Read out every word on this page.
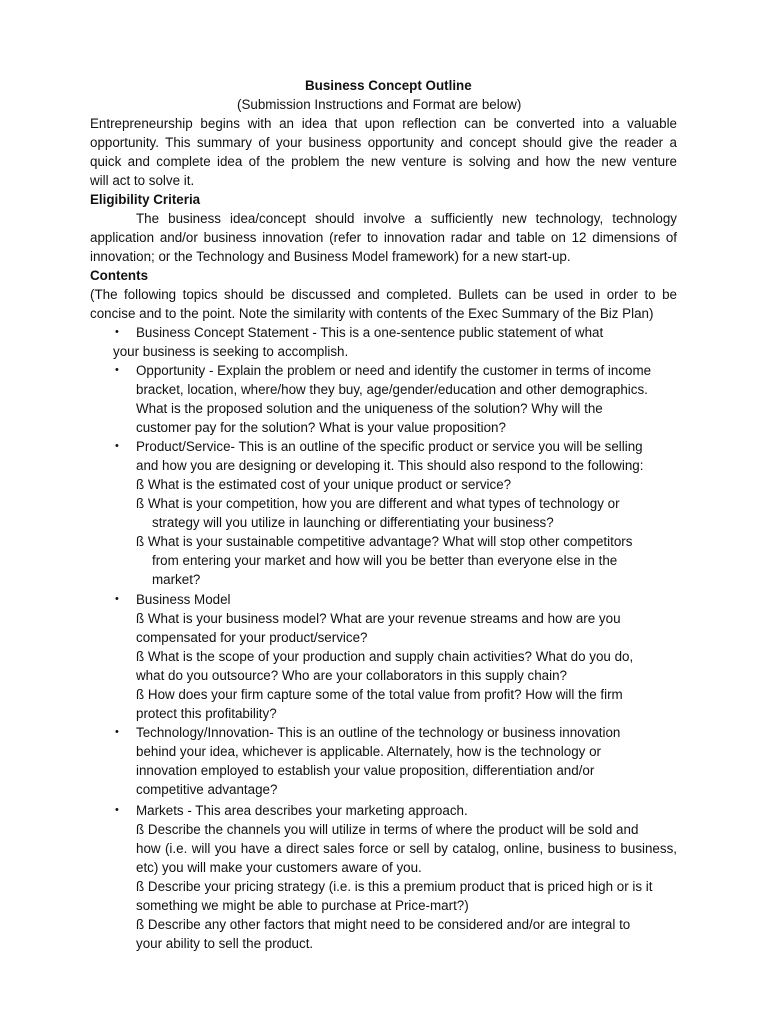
Business Concept Outline
(Submission Instructions and Format are below)
Entrepreneurship begins with an idea that upon reflection can be converted into a valuable
opportunity. This summary of your business opportunity and concept should give the reader a
quick and complete idea of the problem the new venture is solving and how the new venture
will act to solve it.
Eligibility Criteria
The business idea/concept should involve a sufficiently new technology, technology
application and/or business innovation (refer to innovation radar and table on 12 dimensions of
innovation; or the Technology and Business Model framework) for a new start-up.
Contents
(The following topics should be discussed and completed. Bullets can be used in order to be
concise and to the point. Note the similarity with contents of the Exec Summary of the Biz Plan)
• Business Concept Statement - This is a one-sentence public statement of what
your business is seeking to accomplish.
• Opportunity - Explain the problem or need and identify the customer in terms of income
bracket, location, where/how they buy, age/gender/education and other demographics.
What is the proposed solution and the uniqueness of the solution? Why will the
customer pay for the solution? What is your value proposition?
• Product/Service- This is an outline of the specific product or service you will be selling
and how you are designing or developing it. This should also respond to the following:
ß What is the estimated cost of your unique product or service?
ß What is your competition, how you are different and what types of technology or
strategy will you utilize in launching or differentiating your business?
ß What is your sustainable competitive advantage? What will stop other competitors
from entering your market and how will you be better than everyone else in the
market?
• Business Model
ß What is your business model? What are your revenue streams and how are you
compensated for your product/service?
ß What is the scope of your production and supply chain activities? What do you do,
what do you outsource? Who are your collaborators in this supply chain?
ß How does your firm capture some of the total value from profit? How will the firm
protect this profitability?
• Technology/Innovation- This is an outline of the technology or business innovation
behind your idea, whichever is applicable. Alternately, how is the technology or
innovation employed to establish your value proposition, differentiation and/or
competitive advantage?
• Markets - This area describes your marketing approach.
ß Describe the channels you will utilize in terms of where the product will be sold and
how (i.e. will you have a direct sales force or sell by catalog, online, business to business,
etc) you will make your customers aware of you.
ß Describe your pricing strategy (i.e. is this a premium product that is priced high or is it
something we might be able to purchase at Price-mart?)
ß Describe any other factors that might need to be considered and/or are integral to
your ability to sell the product.
